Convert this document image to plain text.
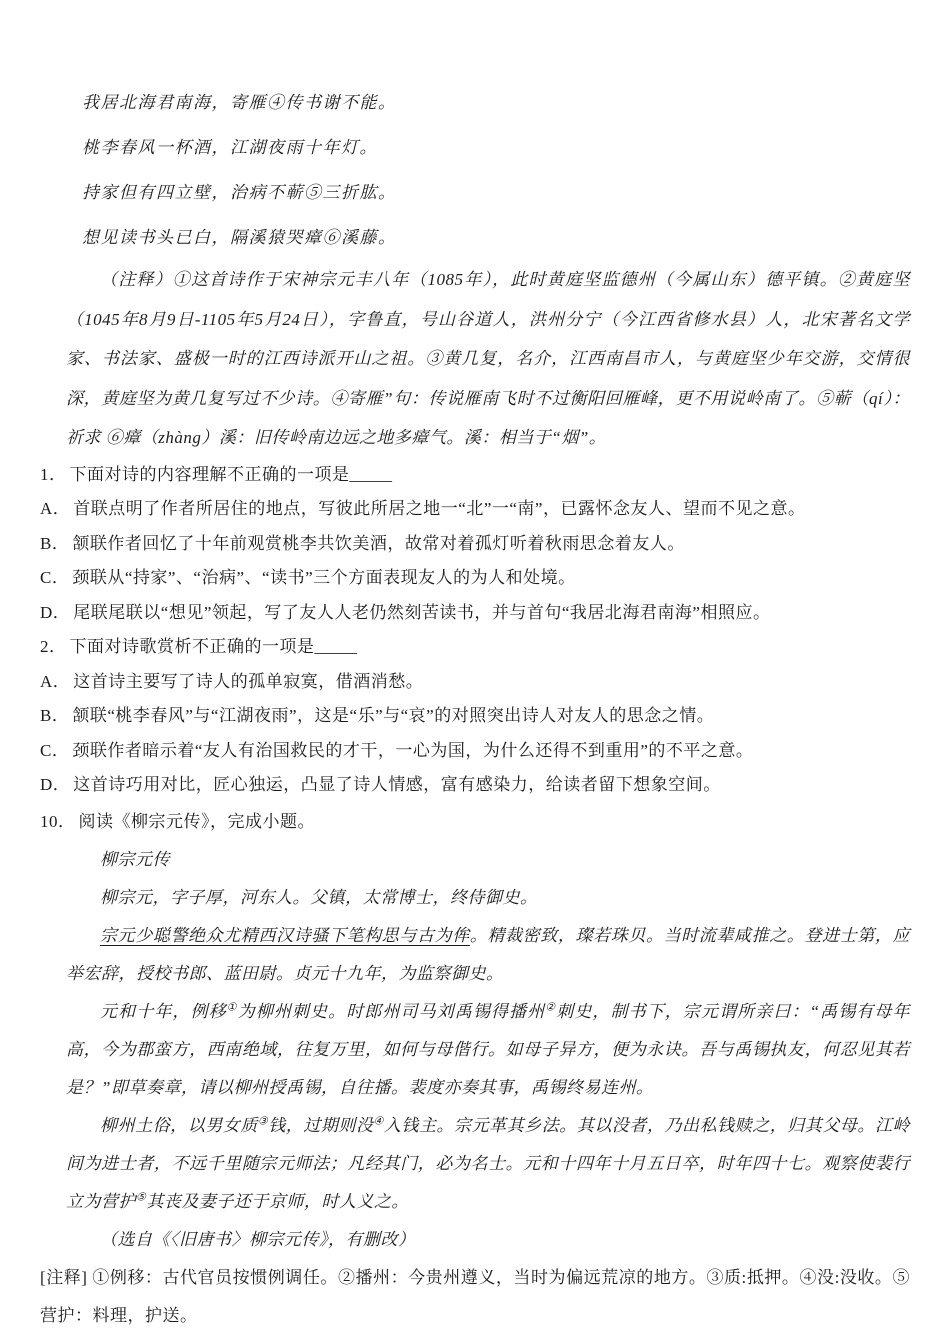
我居北海君南海，寄雁④传书谢不能。

桃李春风一杯酒，江湖夜雨十年灯。

持家但有四立壁，治病不蕲⑤三折肱。

想见读书头已白，隔溪猿哭瘴⑥溪藤。

（注释）①这首诗作于宋神宗元丰八年（1085年），此时黄庭坚监德州（今属山东）德平镇。②黄庭坚（1045年8月9日-1105年5月24日），字鲁直，号山谷道人，洪州分宁（今江西省修水县）人，北宋著名文学家、书法家、盛极一时的江西诗派开山之祖。③黄几复，名介，江西南昌市人，与黄庭坚少年交游，交情很深，黄庭坚为黄几复写过不少诗。④寄雁”句：传说雁南飞时不过衡阳回雁峰，更不用说岭南了。⑤蕲（qí）：祈求 ⑥瘴（zhàng）溪：旧传岭南边远之地多瘴气。溪：相当于“烟”。

1． 下面对诗的内容理解不正确的一项是_____

A． 首联点明了作者所居住的地点，写彼此所居之地一“北”一“南”，已露怀念友人、望而不见之意。

B． 颔联作者回忆了十年前观赏桃李共饮美酒，故常对着孤灯听着秋雨思念着友人。

C． 颈联从“持家”、“治病”、“读书”三个方面表现友人的为人和处境。

D． 尾联尾联以“想见”领起，写了友人人老仍然刻苦读书，并与首句“我居北海君南海”相照应。

2． 下面对诗歌赏析不正确的一项是_____

A． 这首诗主要写了诗人的孤单寂寞，借酒消愁。

B． 颔联“桃李春风”与“江湖夜雨”，这是“乐”与“哀”的对照突出诗人对友人的思念之情。

C． 颈联作者暗示着“友人有治国救民的才干，一心为国，为什么还得不到重用”的不平之意。

D． 这首诗巧用对比，匠心独运，凸显了诗人情感，富有感染力，给读者留下想象空间。

10． 阅读《柳宗元传》，完成小题。

柳宗元传

柳宗元，字子厚，河东人。父镇，太常博士，终侍御史。

宗元少聪警绝众尤精西汉诗骚下笔构思与古为侔。精裁密致，璨若珠贝。当时流辈咸推之。登进士第，应举宏辞，授校书郎、蓝田尉。贞元十九年，为监察御史。

元和十年，例移①为柳州刺史。时郎州司马刘禹锡得播州②刺史，制书下，宗元谓所亲曰：“禹锡有母年高，今为郡蛮方，西南绝域，往复万里，如何与母偕行。如母子异方，便为永诀。吾与禹锡执友，何忍见其若是？”即草奏章，请以柳州授禹锡，自往播。裴度亦奏其事，禹锡终易连州。

柳州土俗，以男女质③钱，过期则没④入钱主。宗元革其乡法。其以没者，乃出私钱赎之，归其父母。江岭间为进士者，不远千里随宗元师法；凡经其门，必为名士。元和十四年十月五日卒，时年四十七。观察使裴行立为营护⑤其丧及妻子还于京师，时人义之。

（选自《〈旧唐书〉柳宗元传》，有删改）

[注释] ①例移：古代官员按惯例调任。②播州：今贵州遵义，当时为偏远荒凉的地方。③质:抵押。④没:没收。⑤营护：料理，护送。
